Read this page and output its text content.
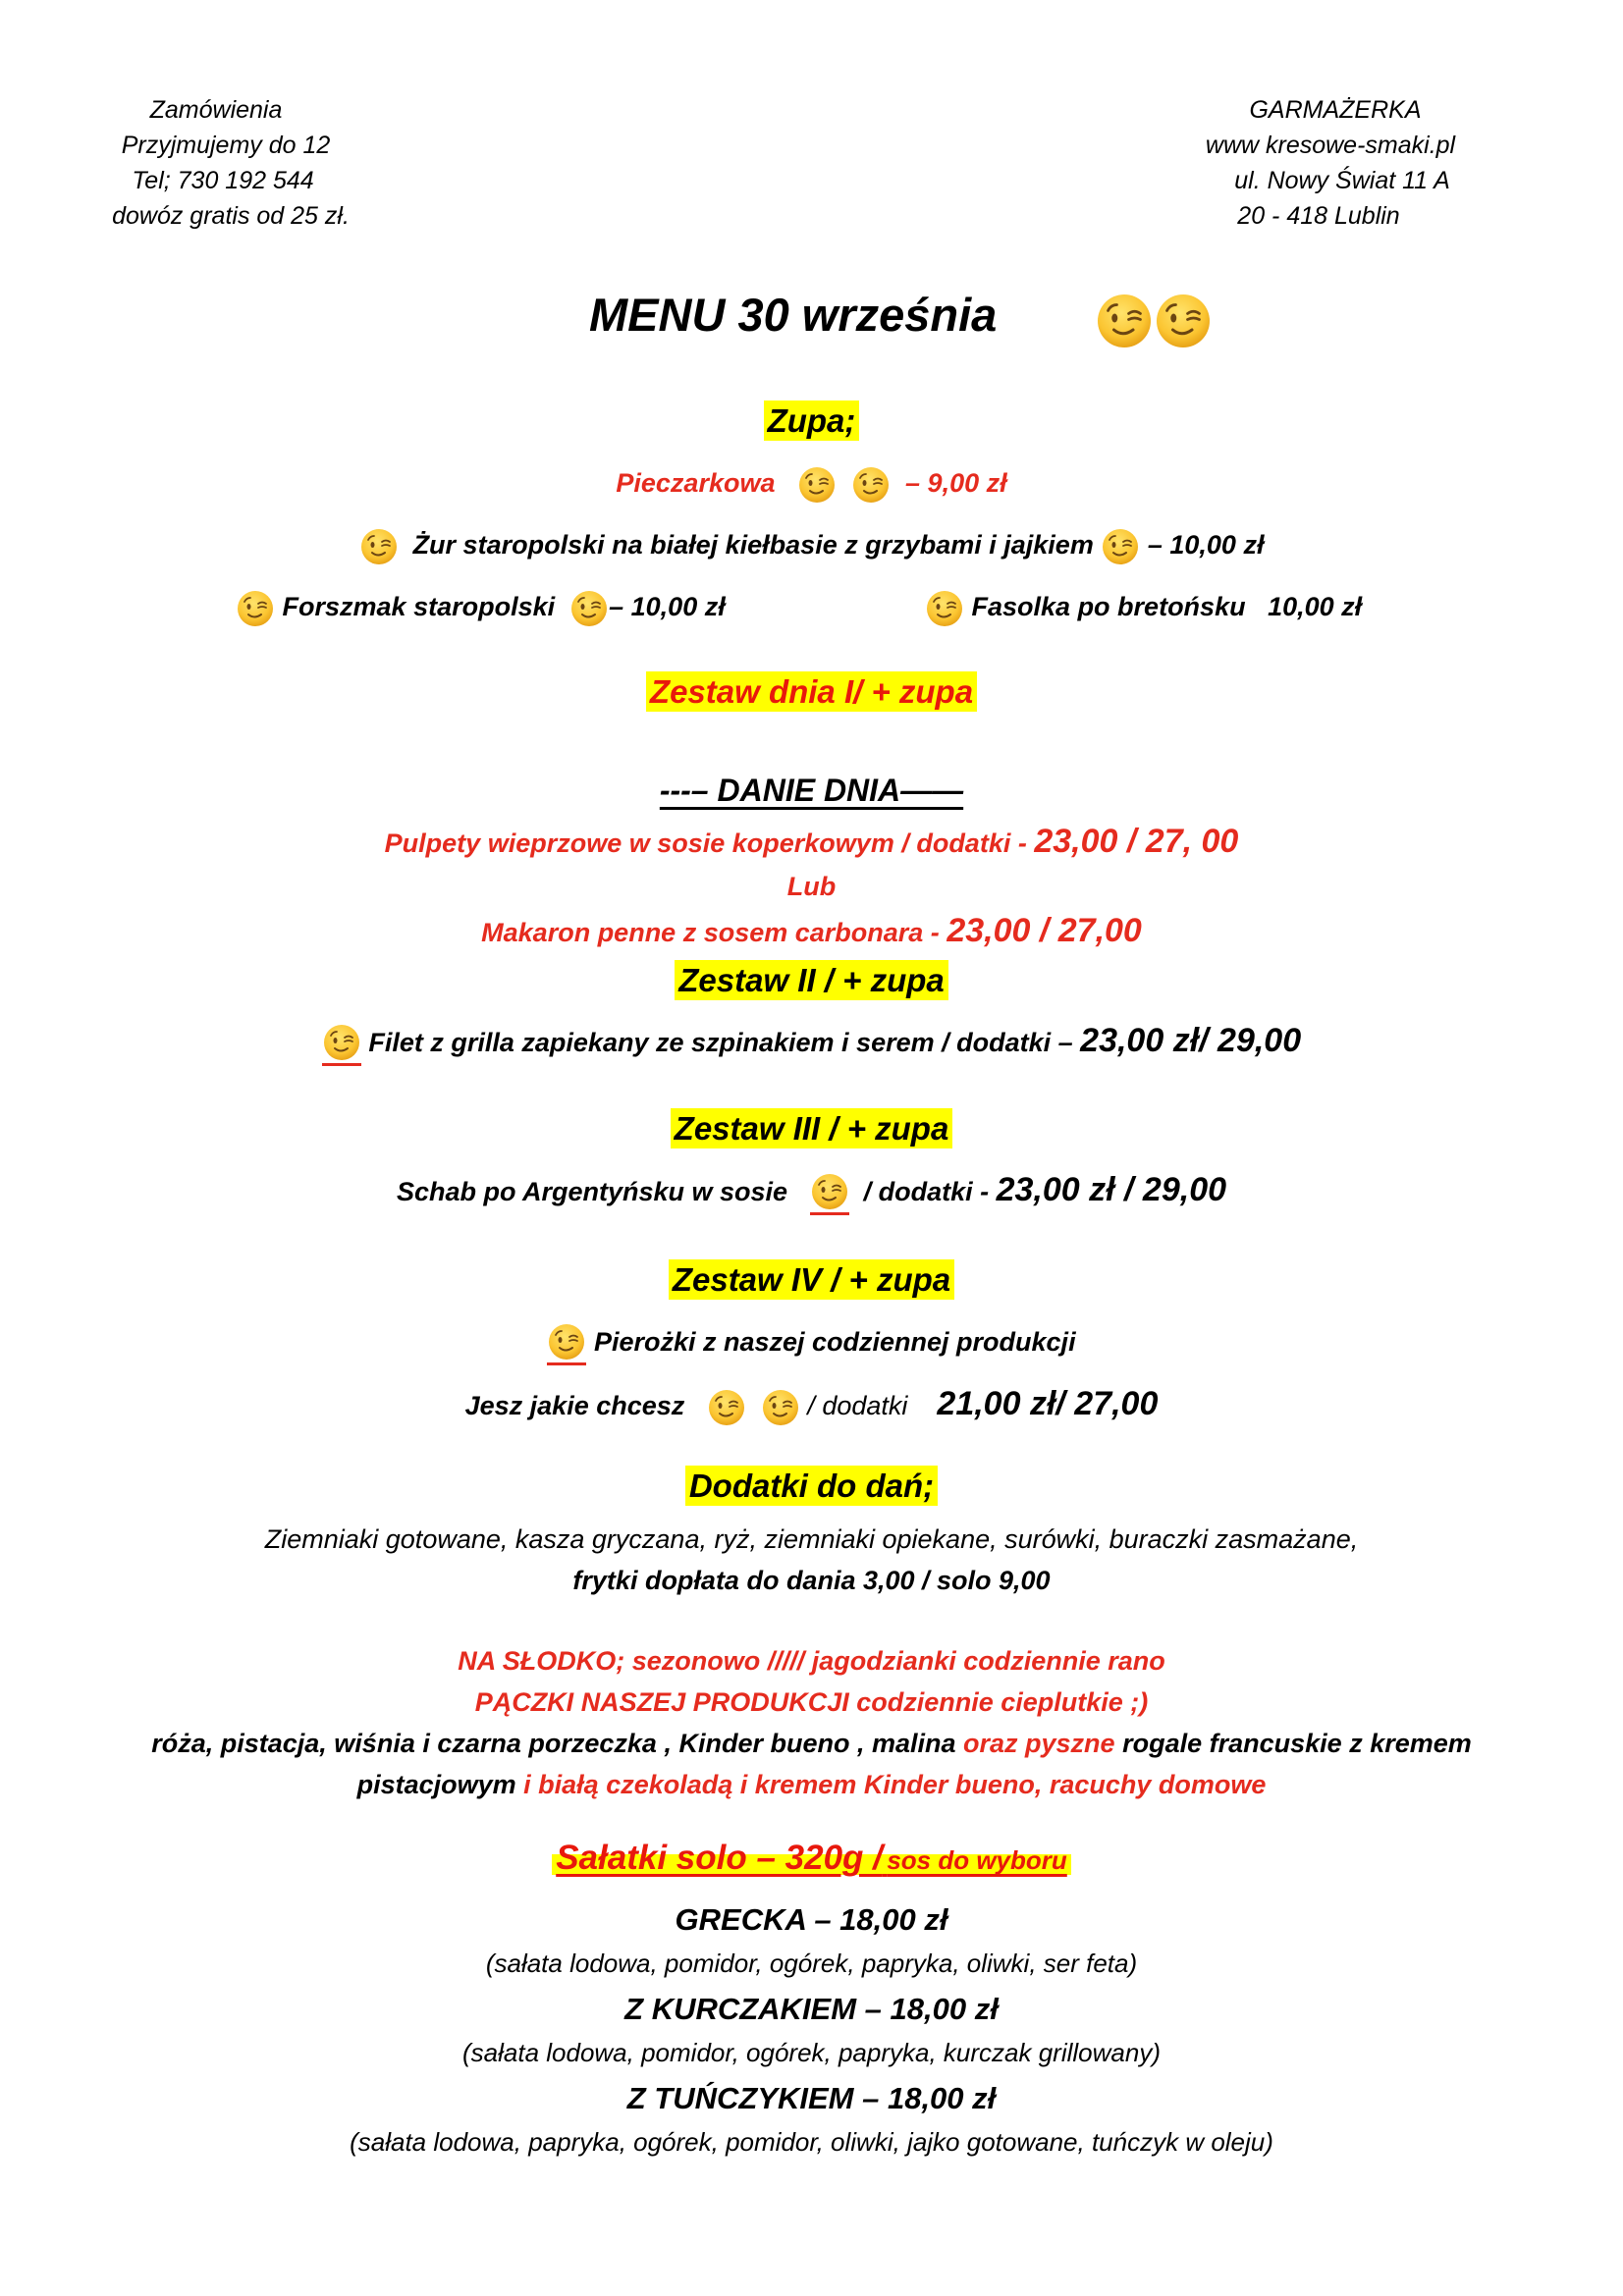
Zamówienia
Przyjmujemy do 12
Tel; 730 192 544
dowóz gratis od 25 zł.
GARMAŻERKA
www kresowe-smaki.pl
ul. Nowy Świat 11 A
20 - 418 Lublin
MENU 30 września
Zupa;
Pieczarkowa
	– 9,00 zł
Żur staropolski na białej kiełbasie z grzybami i jajkiem – 10,00 zł
Forszmak staropolski – 10,00 zł	Fasolka po bretońsku 10,00 zł
Zestaw dnia I/ + zupa
---– DANIE DNIA——
Pulpety wieprzowe w sosie koperkowym / dodatki - 23,00 / 27, 00
Lub
Makaron penne z sosem carbonara - 23,00 / 27,00
Zestaw II / + zupa
Filet z grilla zapiekany ze szpinakiem i serem / dodatki – 23,00 zł/ 29,00
Zestaw III / + zupa
Schab po Argentyńsku w sosie	/ dodatki - 23,00 zł / 29,00
Zestaw IV / + zupa
Pierożki z naszej codziennej produkcji
Jesz jakie chcesz
	/ dodatki 21,00 zł/ 27,00
Dodatki do dań;
Ziemniaki gotowane, kasza gryczana, ryż, ziemniaki opiekane, surówki, buraczki zasmażane,
frytki dopłata do dania 3,00 / solo 9,00
NA SŁODKO; sezonowo ///// jagodzianki codziennie rano
PĄCZKI NASZEJ PRODUKCJI codziennie cieplutkie ;)
róża, pistacja, wiśnia i czarna porzeczka , Kinder bueno , malina oraz pyszne rogale francuskie z kremem
pistacjowym i białą czekoladą i kremem Kinder bueno, racuchy domowe
Sałatki solo – 320g / sos do wyboru
GRECKA – 18,00 zł
(sałata lodowa, pomidor, ogórek, papryka, oliwki, ser feta)
Z KURCZAKIEM – 18,00 zł
(sałata lodowa, pomidor, ogórek, papryka, kurczak grillowany)
Z TUŃCZYKIEM – 18,00 zł
(sałata lodowa, papryka, ogórek, pomidor, oliwki, jajko gotowane, tuńczyk w oleju)
